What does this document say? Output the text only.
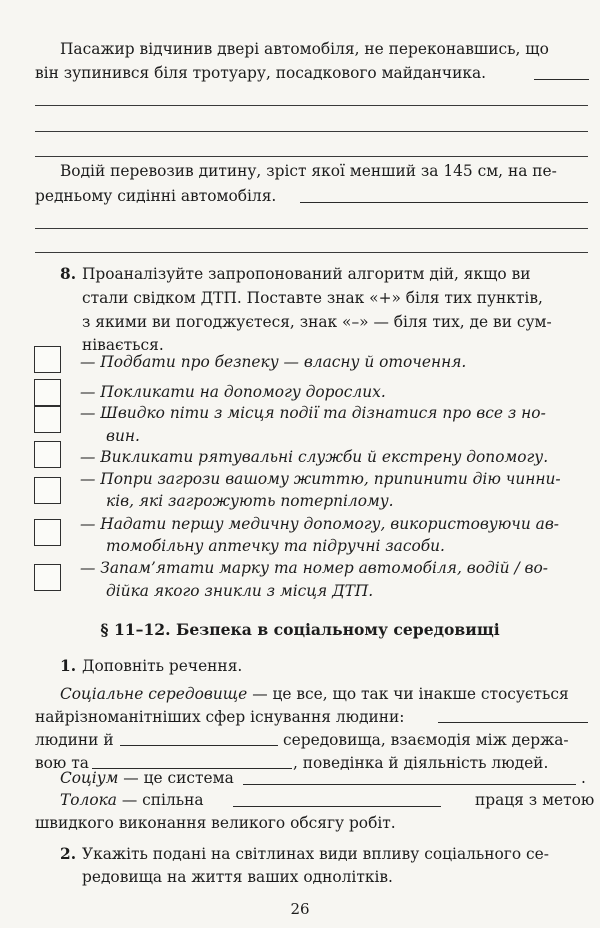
Пасажир відчинив двері автомобіля, не переконавшись, що
він зупинився біля тротуару, посадкового майданчика.
Водій перевозив дитину, зріст якої менший за 145 см, на пе-
редньому сидінні автомобіля.
8. Проаналізуйте запропонований алгоритм дій, якщо ви
стали свідком ДТП. Поставте знак «+» біля тих пунктів,
з якими ви погоджуєтеся, знак «–» — біля тих, де ви сум-
нівається.
— Подбати про безпеку — власну й оточення.
— Покликати на допомогу дорослих.
— Швидко піти з місця події та дізнатися про все з но-
вин.
— Викликати рятувальні служби й екстрену допомогу.
— Попри загрози вашому життю, припинити дію чинни-
ків, які загрожують потерпілому.
— Надати першу медичну допомогу, використовуючи ав-
томобільну аптечку та підручні засоби.
— Запам’ятати марку та номер автомобіля, водій / во-
дійка якого зникли з місця ДТП.
§ 11–12. Безпека в соціальному середовищі
1. Доповніть речення.
Соціальне середовище — це все, що так чи інакше стосується
найрізноманітніших сфер існування людини:
людини й	середовища, взаємодія між держа-
вою та	, поведінка й діяльність людей.
Соціум — це система	.
Толока — спільна	праця з метою
швидкого виконання великого обсягу робіт.
2. Укажіть подані на світлинах види впливу соціального се-
редовища на життя ваших однолітків.
26
